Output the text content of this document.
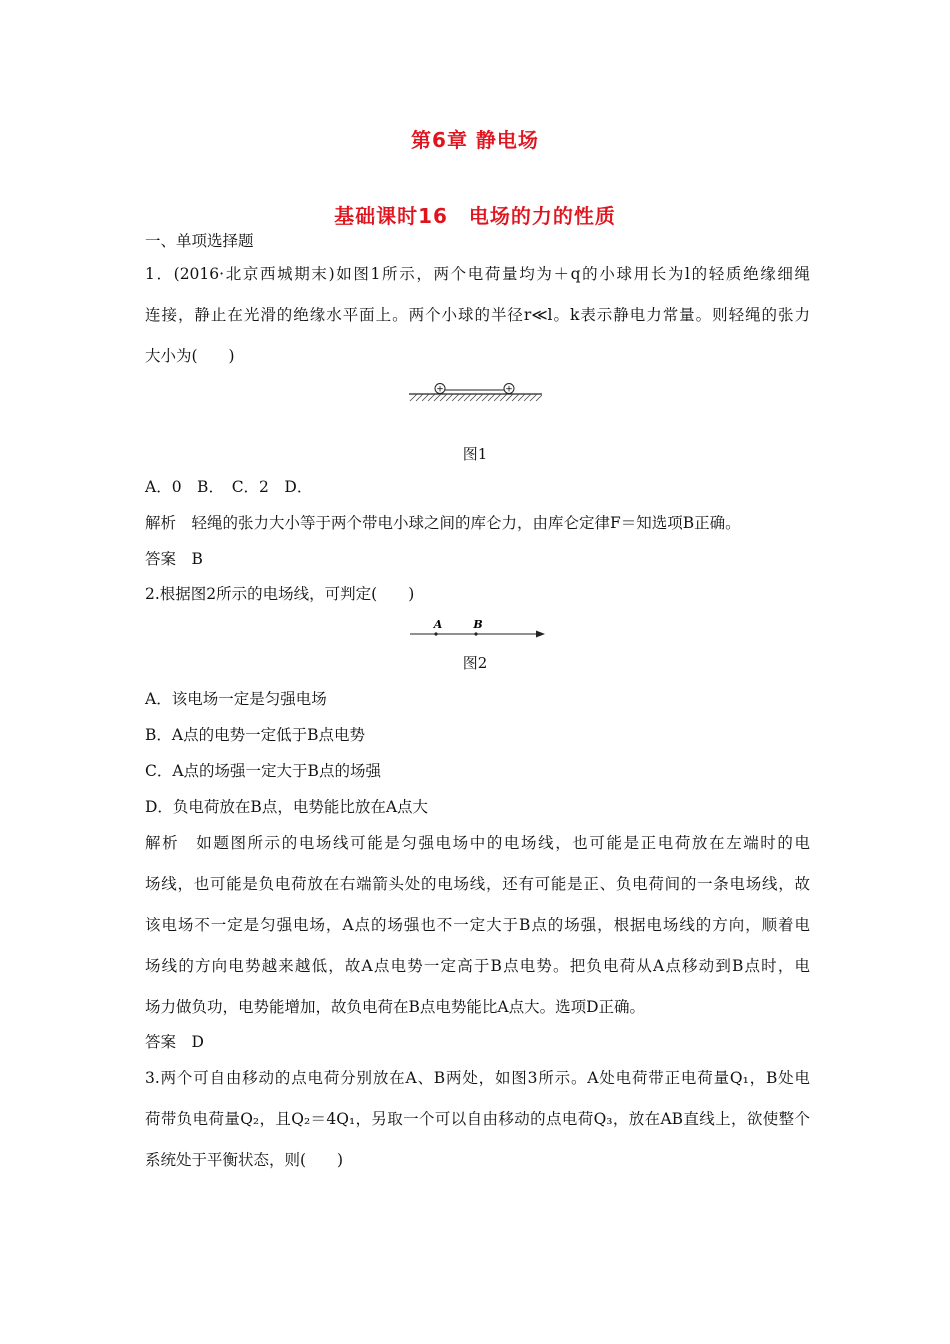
第6章 静电场
基础课时16　电场的力的性质
一、单项选择题
1．(2016·北京西城期末)如图1所示，两个电荷量均为＋q的小球用长为l的轻质绝缘细绳
连接，静止在光滑的绝缘水平面上。两个小球的半径r≪l。k表示静电力常量。则轻绳的张力
大小为(　　)
+	+
图1
A．0　B．　C．2　D．
解析　轻绳的张力大小等于两个带电小球之间的库仑力，由库仑定律F＝知选项B正确。
答案　B
2.根据图2所示的电场线，可判定(　　)
A	B
图2
A．该电场一定是匀强电场
B．A点的电势一定低于B点电势
C．A点的场强一定大于B点的场强
D．负电荷放在B点，电势能比放在A点大
解析　如题图所示的电场线可能是匀强电场中的电场线，也可能是正电荷放在左端时的电
场线，也可能是负电荷放在右端箭头处的电场线，还有可能是正、负电荷间的一条电场线，故
该电场不一定是匀强电场，A点的场强也不一定大于B点的场强，根据电场线的方向，顺着电
场线的方向电势越来越低，故A点电势一定高于B点电势。把负电荷从A点移动到B点时，电
场力做负功，电势能增加，故负电荷在B点电势能比A点大。选项D正确。
答案　D
3.两个可自由移动的点电荷分别放在A、B两处，如图3所示。A处电荷带正电荷量Q₁，B处电
荷带负电荷量Q₂，且Q₂＝4Q₁，另取一个可以自由移动的点电荷Q₃，放在AB直线上，欲使整个
系统处于平衡状态，则(　　)
